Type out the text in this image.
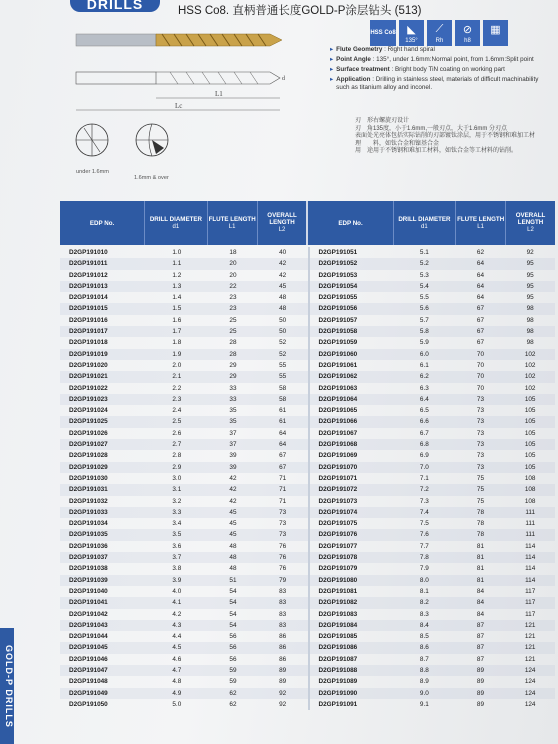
DRILLS	HSS Co8. 直柄普通长度GOLD-P涂层钻头 (513)
HSS Co8	◣
135°
⟋
Rh
⊘
h8
▦
L1
Lc
d
▸ Flute Geometry : Right hand spiral
▸ Point Angle : 135°, under 1.6mm:Normal point, from 1.6mm:Split point
▸ Surface treatment : Bright body TiN coating on working part
▸ Application : Drilling in stainless steel, materials of difficult machinability such as titanium alloy and inconel.
刃　形 右螺旋刃设计
刃　角 135度，小于1.6mm,一般刃点，大于1.6mm 分刃点
表面处理
光亮体包括实际钻削的刃部镀钛涂层，用于不锈钢和难加工材料，如钛合金和镍基合金
用　途 用于不锈钢和难加工材料，如钛合金等工材料的钻削。
under 1.6mm
1.6mm & over
EDP No.
DRILL DIAMETER
d1
FLUTE LENGTH
L1
OVERALL LENGTH
L2
EDP No.
DRILL DIAMETER
d1
FLUTE LENGTH
L1
OVERALL LENGTH
L2
D2GP191010	1.0	18	40	D2GP191051	5.1	62	92
D2GP191011	1.1	20	42	D2GP191052	5.2	64	95
D2GP191012	1.2	20	42	D2GP191053	5.3	64	95
D2GP191013	1.3	22	45	D2GP191054	5.4	64	95
D2GP191014	1.4	23	48	D2GP191055	5.5	64	95
D2GP191015	1.5	23	48	D2GP191056	5.6	67	98
D2GP191016	1.6	25	50	D2GP191057	5.7	67	98
D2GP191017	1.7	25	50	D2GP191058	5.8	67	98
D2GP191018	1.8	28	52	D2GP191059	5.9	67	98
D2GP191019	1.9	28	52	D2GP191060	6.0	70	102
D2GP191020	2.0	29	55	D2GP191061	6.1	70	102
D2GP191021	2.1	29	55	D2GP191062	6.2	70	102
D2GP191022	2.2	33	58	D2GP191063	6.3	70	102
D2GP191023	2.3	33	58	D2GP191064	6.4	73	105
D2GP191024	2.4	35	61	D2GP191065	6.5	73	105
D2GP191025	2.5	35	61	D2GP191066	6.6	73	105
D2GP191026	2.6	37	64	D2GP191067	6.7	73	105
D2GP191027	2.7	37	64	D2GP191068	6.8	73	105
D2GP191028	2.8	39	67	D2GP191069	6.9	73	105
D2GP191029	2.9	39	67	D2GP191070	7.0	73	105
D2GP191030	3.0	42	71	D2GP191071	7.1	75	108
D2GP191031	3.1	42	71	D2GP191072	7.2	75	108
D2GP191032	3.2	42	71	D2GP191073	7.3	75	108
D2GP191033	3.3	45	73	D2GP191074	7.4	78	111
D2GP191034	3.4	45	73	D2GP191075	7.5	78	111
D2GP191035	3.5	45	73	D2GP191076	7.6	78	111
D2GP191036	3.6	48	76	D2GP191077	7.7	81	114
D2GP191037	3.7	48	76	D2GP191078	7.8	81	114
D2GP191038	3.8	48	76	D2GP191079	7.9	81	114
D2GP191039	3.9	51	79	D2GP191080	8.0	81	114
D2GP191040	4.0	54	83	D2GP191081	8.1	84	117
D2GP191041	4.1	54	83	D2GP191082	8.2	84	117
D2GP191042	4.2	54	83	D2GP191083	8.3	84	117
D2GP191043	4.3	54	83	D2GP191084	8.4	87	121
D2GP191044	4.4	56	86	D2GP191085	8.5	87	121
D2GP191045	4.5	56	86	D2GP191086	8.6	87	121
D2GP191046	4.6	56	86	D2GP191087	8.7	87	121
D2GP191047	4.7	59	89	D2GP191088	8.8	89	124
D2GP191048	4.8	59	89	D2GP191089	8.9	89	124
D2GP191049	4.9	62	92	D2GP191090	9.0	89	124
D2GP191050	5.0	62	92	D2GP191091	9.1	89	124
GOLD-P DRILLS
